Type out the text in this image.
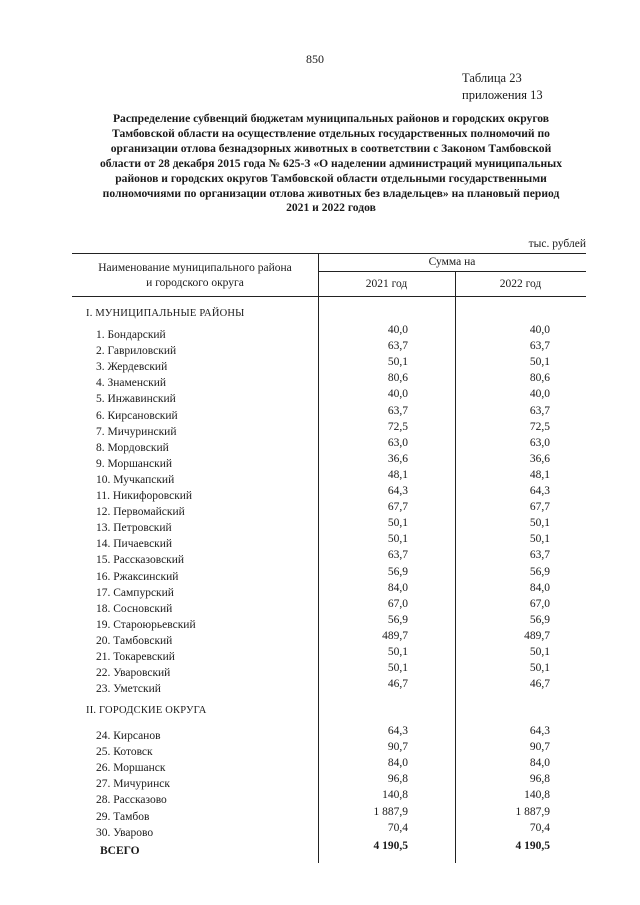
850
Таблица 23
приложения 13
Распределение субвенций бюджетам муниципальных районов и городских округов
Тамбовской области на осуществление отдельных государственных полномочий по
организации отлова безнадзорных животных в соответствии с Законом Тамбовской
области от 28 декабря 2015 года № 625-З «О наделении администраций муниципальных
районов и городских округов Тамбовской области отдельными государственными
полномочиями по организации отлова животных без владельцев» на плановый период
2021 и 2022 годов
тыс. рублей
Наименование муниципального района
и городского округа
Сумма на
2021 год	2022 год
I. МУНИЦИПАЛЬНЫЕ РАЙОНЫ
1. Бондарский	40,0	40,0
2. Гавриловский	63,7	63,7
3. Жердевский	50,1	50,1
4. Знаменский	80,6	80,6
5. Инжавинский	40,0	40,0
6. Кирсановский	63,7	63,7
7. Мичуринский	72,5	72,5
8. Мордовский	63,0	63,0
9. Моршанский	36,6	36,6
10. Мучкапский	48,1	48,1
11. Никифоровский	64,3	64,3
12. Первомайский	67,7	67,7
13. Петровский	50,1	50,1
14. Пичаевский	50,1	50,1
15. Рассказовский	63,7	63,7
16. Ржаксинский	56,9	56,9
17. Сампурский	84,0	84,0
18. Сосновский	67,0	67,0
19. Староюрьевский	56,9	56,9
20. Тамбовский	489,7	489,7
21. Токаревский	50,1	50,1
22. Уваровский	50,1	50,1
23. Уметский	46,7	46,7
II. ГОРОДСКИЕ ОКРУГА
24. Кирсанов	64,3	64,3
25. Котовск	90,7	90,7
26. Моршанск	84,0	84,0
27. Мичуринск	96,8	96,8
28. Рассказово	140,8	140,8
29. Тамбов	1 887,9	1 887,9
30. Уварово	70,4	70,4
ВСЕГО	4 190,5	4 190,5
